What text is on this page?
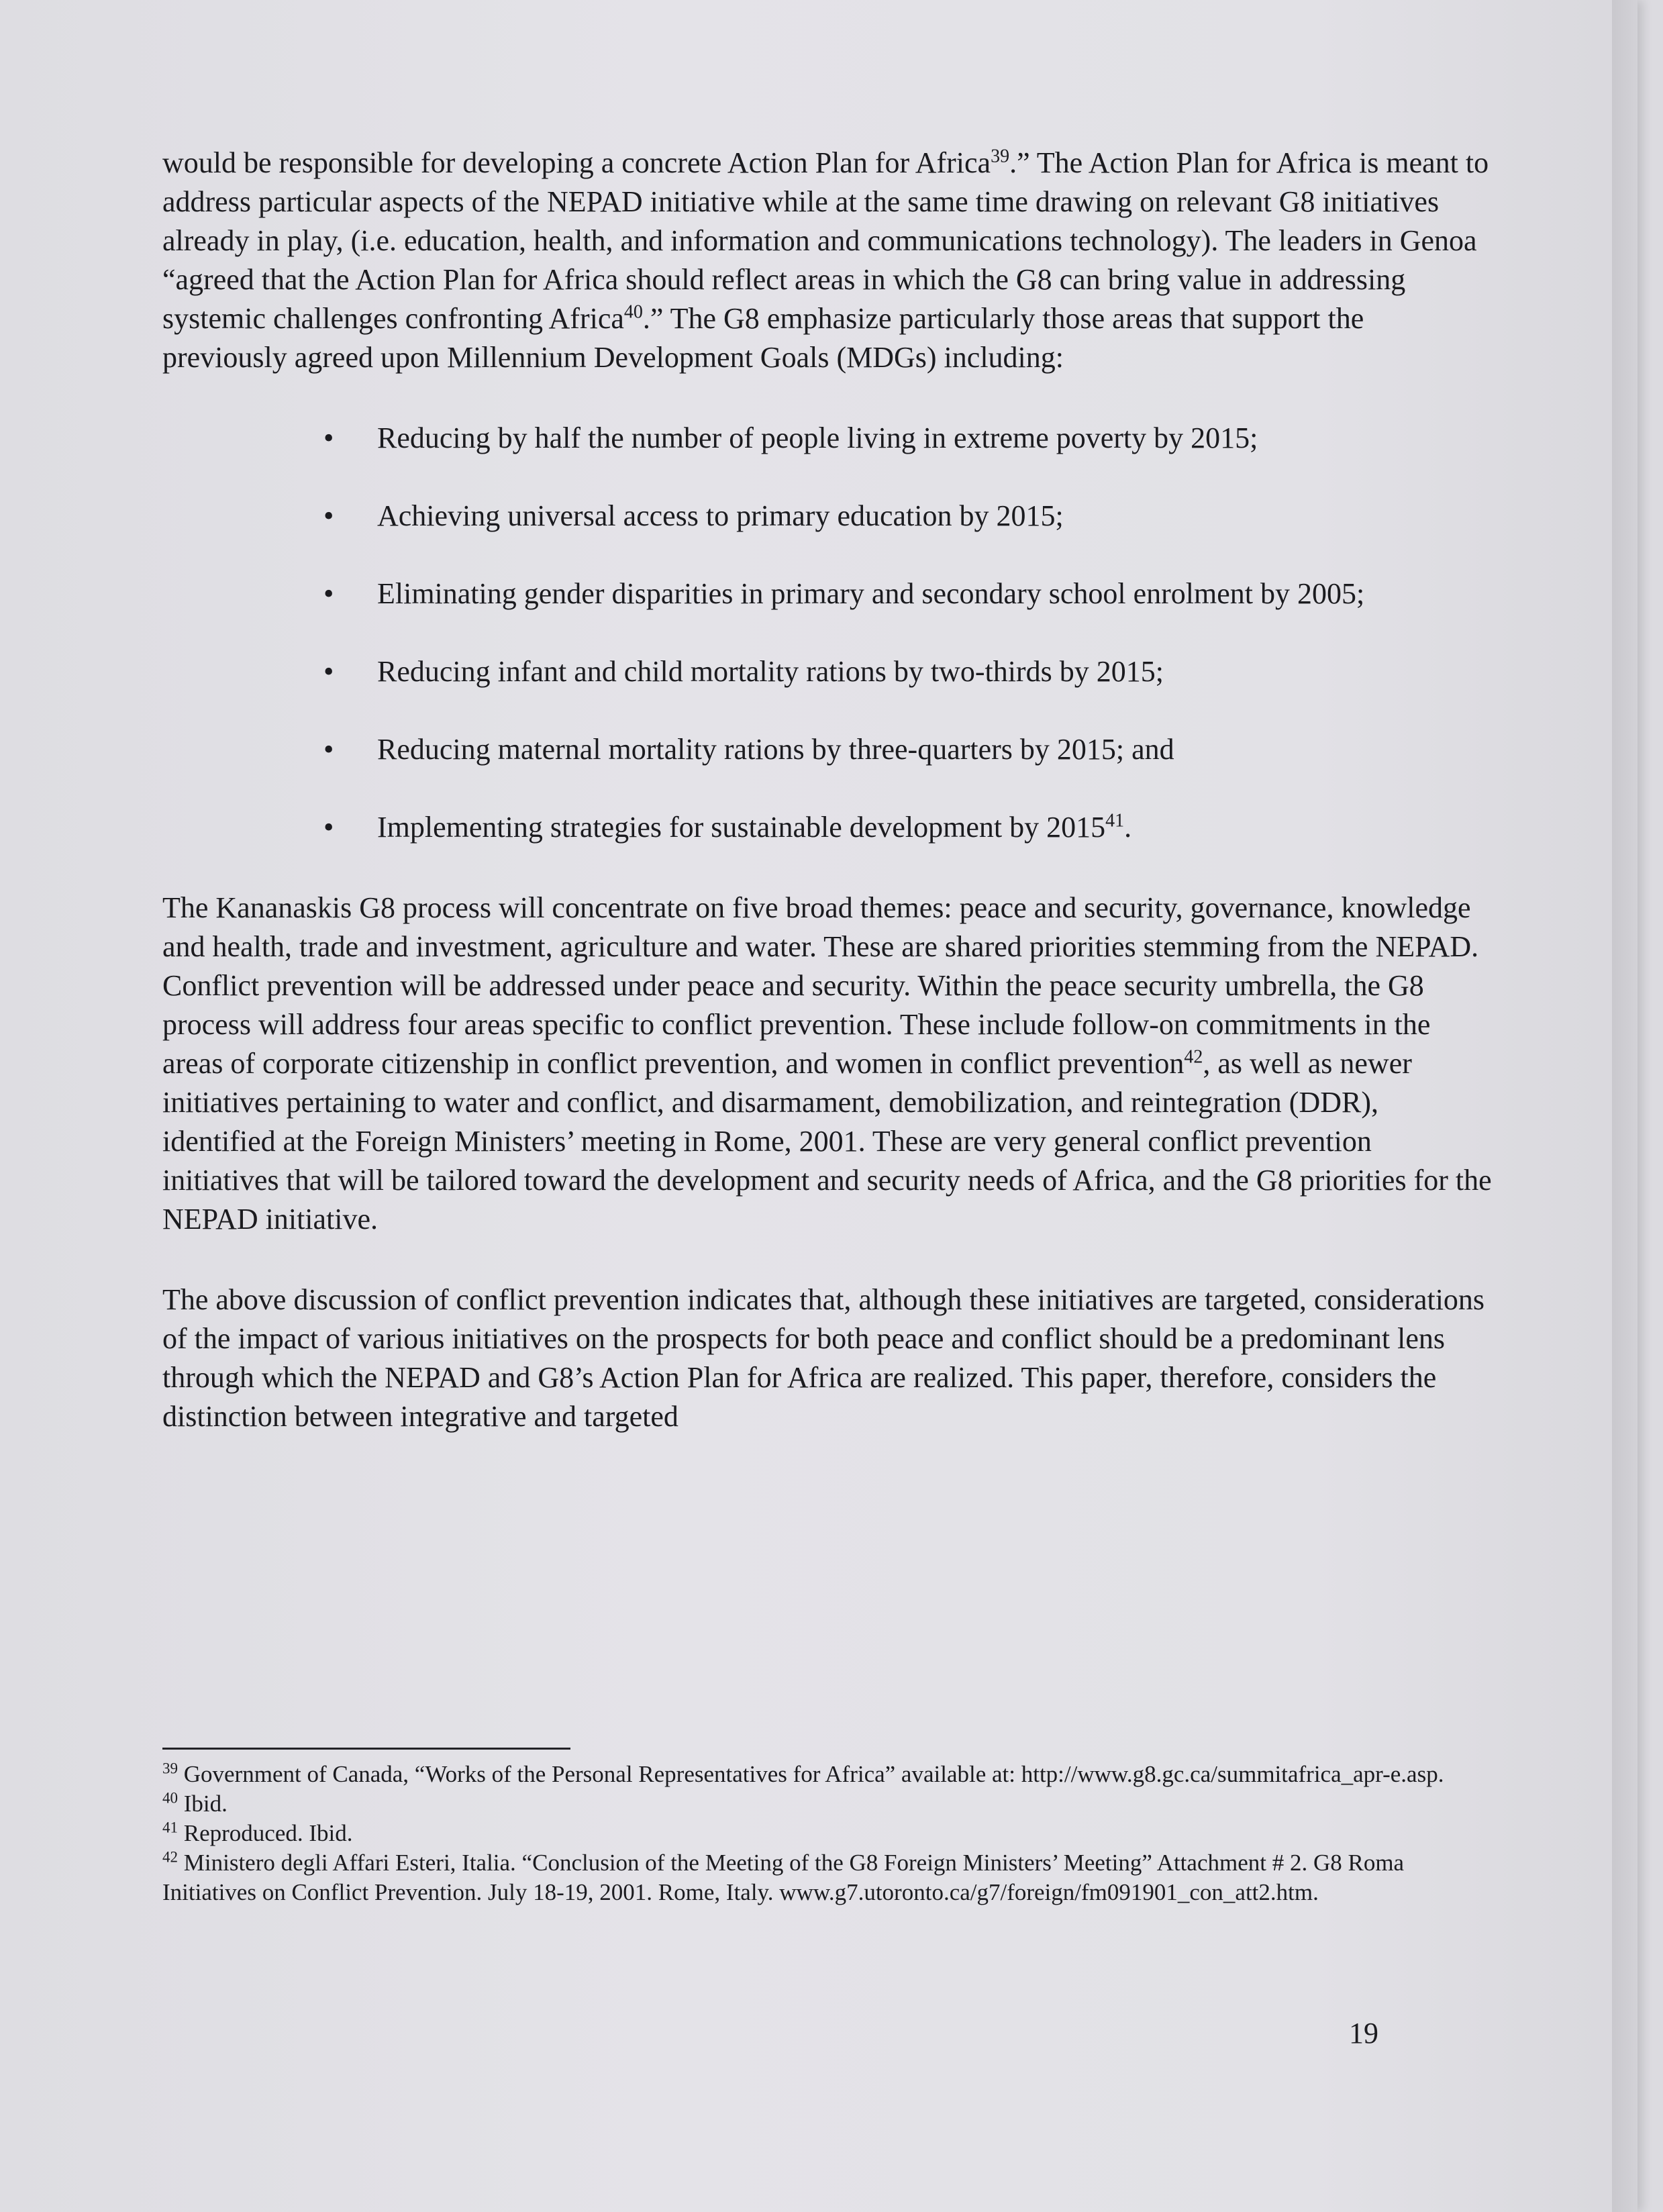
would be responsible for developing a concrete Action Plan for Africa$^{39}$.” The Action Plan for Africa is meant to address particular aspects of the NEPAD initiative while at the same time drawing on relevant G8 initiatives already in play, (i.e. education, health, and information and communications technology). The leaders in Genoa “agreed that the Action Plan for Africa should reflect areas in which the G8 can bring value in addressing systemic challenges confronting Africa$^{40}$.” The G8 emphasize particularly those areas that support the previously agreed upon Millennium Development Goals (MDGs) including:

• Reducing by half the number of people living in extreme poverty by 2015;
• Achieving universal access to primary education by 2015;
• Eliminating gender disparities in primary and secondary school enrolment by 2005;
• Reducing infant and child mortality rations by two-thirds by 2015;
• Reducing maternal mortality rations by three-quarters by 2015; and
• Implementing strategies for sustainable development by 2015$^{41}$.

The Kananaskis G8 process will concentrate on five broad themes: peace and security, governance, knowledge and health, trade and investment, agriculture and water. These are shared priorities stemming from the NEPAD. Conflict prevention will be addressed under peace and security. Within the peace security umbrella, the G8 process will address four areas specific to conflict prevention. These include follow-on commitments in the areas of corporate citizenship in conflict prevention, and women in conflict prevention$^{42}$, as well as newer initiatives pertaining to water and conflict, and disarmament, demobilization, and reintegration (DDR), identified at the Foreign Ministers’ meeting in Rome, 2001. These are very general conflict prevention initiatives that will be tailored toward the development and security needs of Africa, and the G8 priorities for the NEPAD initiative.

The above discussion of conflict prevention indicates that, although these initiatives are targeted, considerations of the impact of various initiatives on the prospects for both peace and conflict should be a predominant lens through which the NEPAD and G8’s Action Plan for Africa are realized. This paper, therefore, considers the distinction between integrative and targeted

$^{39}$ Government of Canada, “Works of the Personal Representatives for Africa” available at: http://www.g8.gc.ca/summitafrica_apr-e.asp.

$^{40}$ Ibid.

$^{41}$ Reproduced. Ibid.

$^{42}$ Ministero degli Affari Esteri, Italia. “Conclusion of the Meeting of the G8 Foreign Ministers’ Meeting” Attachment # 2. G8 Roma Initiatives on Conflict Prevention. July 18-19, 2001. Rome, Italy. www.g7.utoronto.ca/g7/foreign/fm091901_con_att2.htm.

19
